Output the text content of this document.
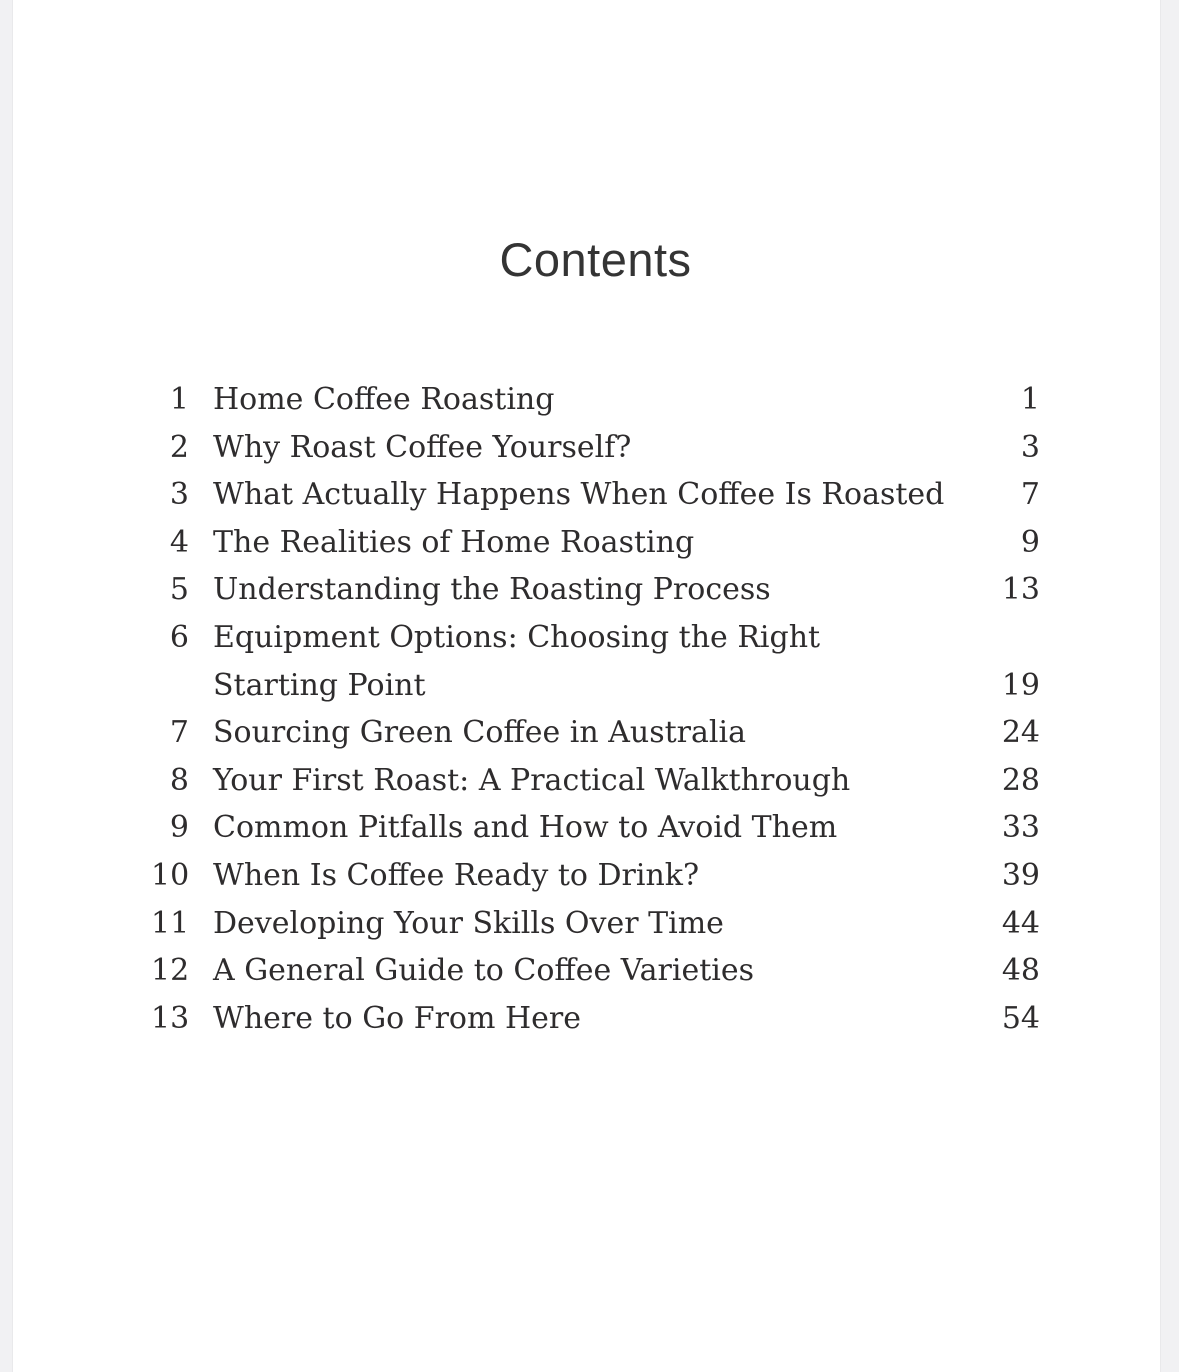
Contents
1 Home Coffee Roasting	1
2 Why Roast Coffee Yourself?	3
3 What Actually Happens When Coffee Is Roasted	7
4 The Realities of Home Roasting	9
5 Understanding the Roasting Process	13
6 Equipment Options: Choosing the Right
Starting Point	19
7 Sourcing Green Coffee in Australia	24
8 Your First Roast: A Practical Walkthrough	28
9 Common Pitfalls and How to Avoid Them	33
10 When Is Coffee Ready to Drink?	39
11 Developing Your Skills Over Time	44
12 A General Guide to Coffee Varieties	48
13 Where to Go From Here	54
